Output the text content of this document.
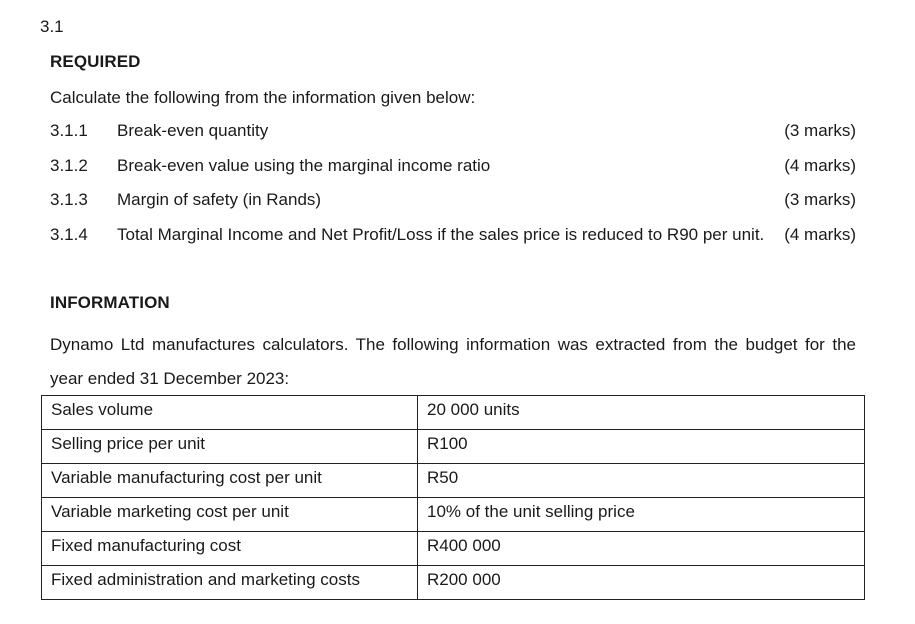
3.1
REQUIRED
Calculate the following from the information given below:
3.1.1 Break-even quantity	(3 marks)
3.1.2 Break-even value using the marginal income ratio	(4 marks)
3.1.3 Margin of safety (in Rands)	(3 marks)
3.1.4 Total Marginal Income and Net Profit/Loss if the sales price is reduced to R90 per unit. (4 marks)
INFORMATION
Dynamo Ltd manufactures calculators. The following information was extracted from the budget for the year ended 31 December 2023:
Sales volume	20 000 units
Selling price per unit	R100
Variable manufacturing cost per unit	R50
Variable marketing cost per unit	10% of the unit selling price
Fixed manufacturing cost	R400 000
Fixed administration and marketing costs	R200 000
